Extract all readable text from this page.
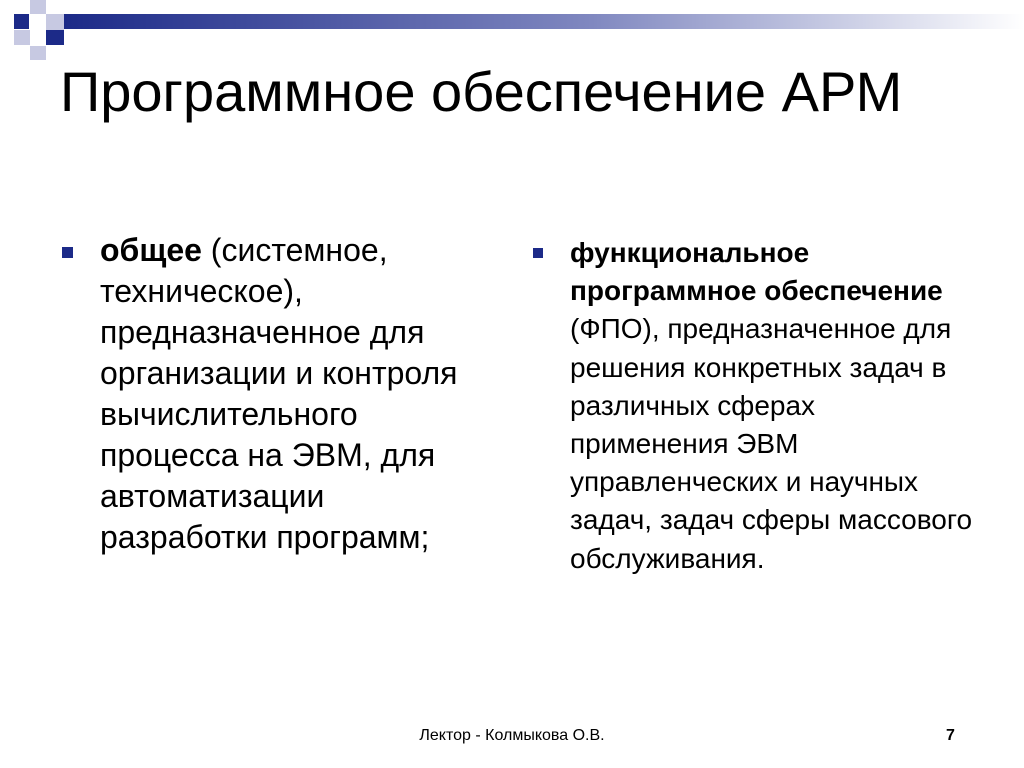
Программное обеспечение АРМ
общее (системное, техническое), предназначенное для организации и контроля вычислительного процесса на ЭВМ, для автоматизации разработки программ;
функциональное программное обеспечение (ФПО), предназначенное для решения конкретных задач в различных сферах применения ЭВМ управленческих и научных задач, задач сферы массового обслуживания.
Лектор - Колмыкова О.В.	7
